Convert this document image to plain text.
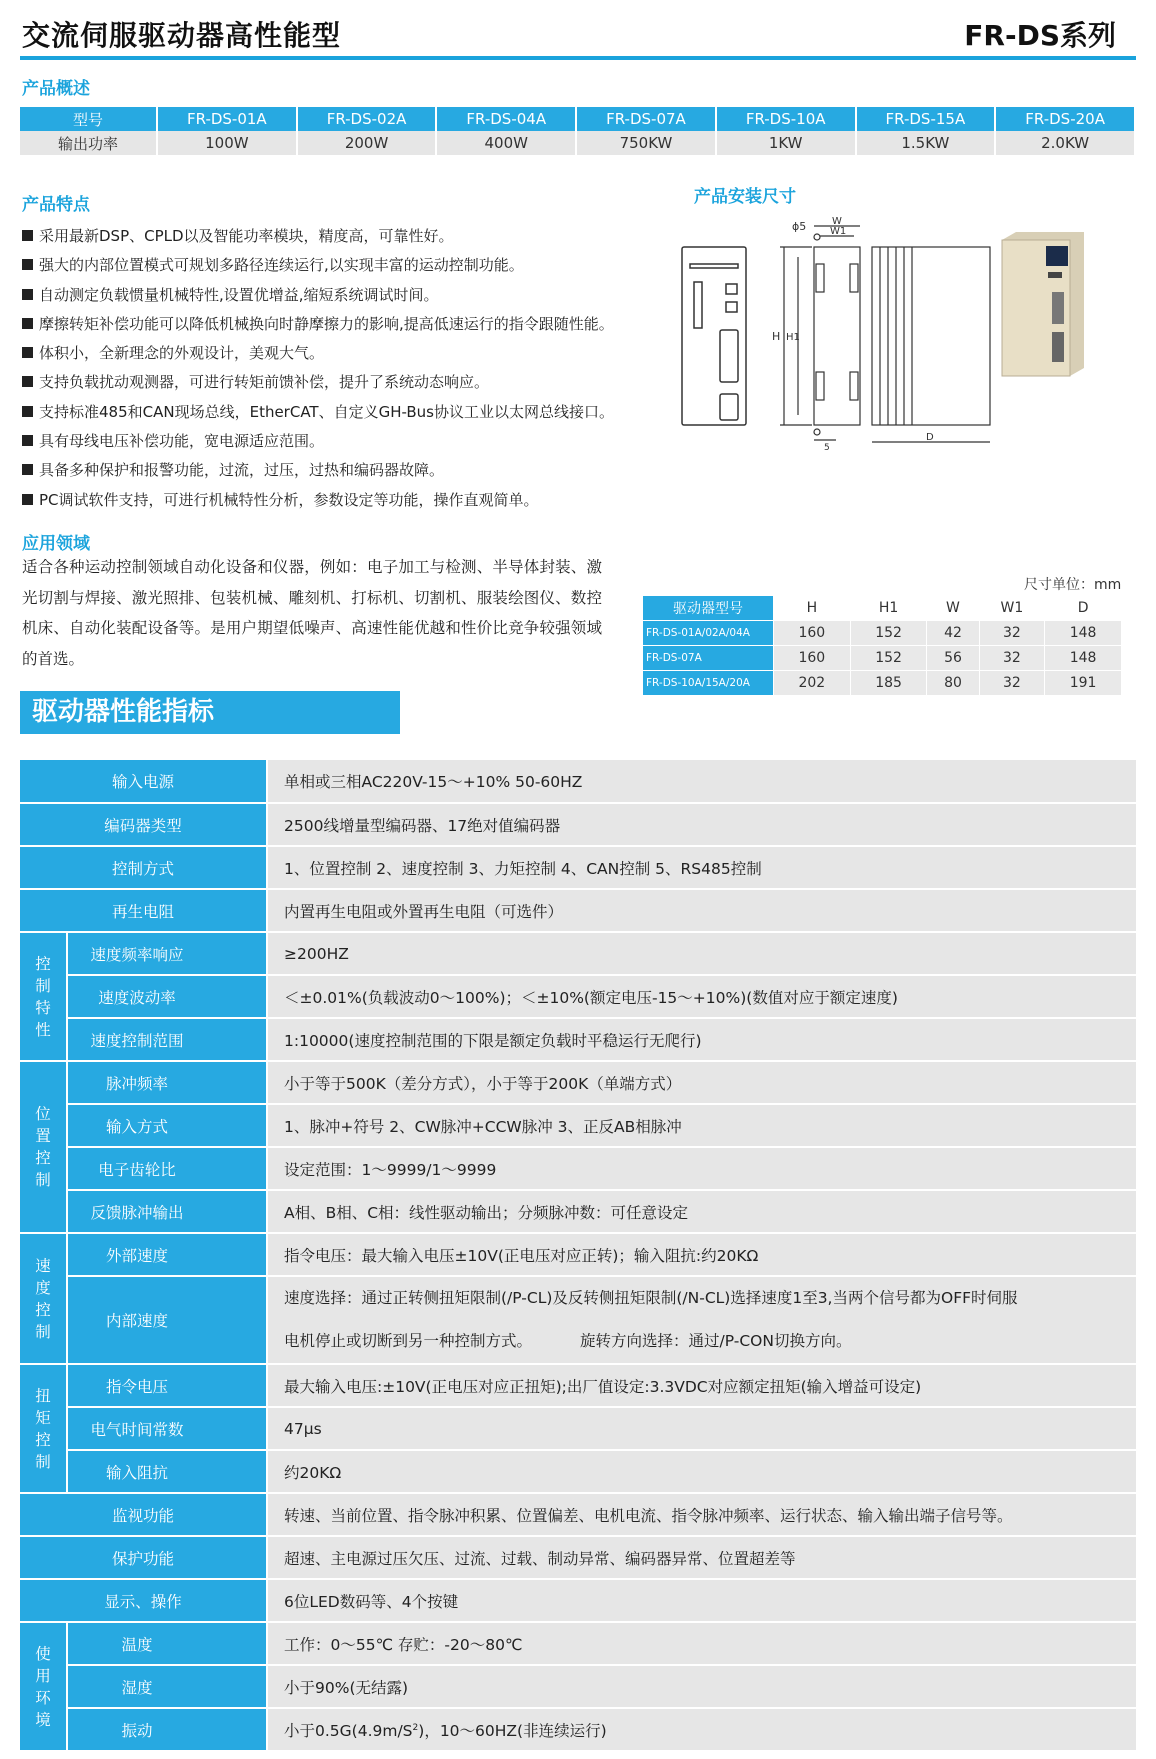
交流伺服驱动器高性能型	FR-DS系列
产品概述
型号	FR-DS-01A	FR-DS-02A	FR-DS-04A	FR-DS-07A	FR-DS-10A	FR-DS-15A	FR-DS-20A
输出功率	100W	200W	400W	750KW	1KW	1.5KW	2.0KW
产品特点
采用最新DSP、CPLD以及智能功率模块，精度高，可靠性好。
强大的内部位置模式可规划多路径连续运行,以实现丰富的运动控制功能。
自动测定负载惯量机械特性,设置优增益,缩短系统调试时间。
摩擦转矩补偿功能可以降低机械换向时静摩擦力的影响,提高低速运行的指令跟随性能。
体积小，全新理念的外观设计，美观大气。
支持负载扰动观测器，可进行转矩前馈补偿，提升了系统动态响应。
支持标准485和CAN现场总线，EtherCAT、自定义GH-Bus协议工业以太网总线接口。
具有母线电压补偿功能，宽电源适应范围。
具备多种保护和报警功能，过流，过压，过热和编码器故障。
PC调试软件支持，可进行机械特性分析，参数设定等功能，操作直观简单。
应用领域
适合各种运动控制领域自动化设备和仪器，例如：电子加工与检测、半导体封装、激光切割与焊接、激光照排、包装机械、雕刻机、打标机、切割机、服装绘图仪、数控机床、自动化装配设备等。是用户期望低噪声、高速性能优越和性价比竞争较强领域的首选。
产品安装尺寸
ϕ5	W
W1
H H1
5
D
尺寸单位：mm
驱动器型号	H	H1	W	W1	D
FR-DS-01A/02A/04A	160	152	42	32	148
FR-DS-07A	160	152	56	32	148
FR-DS-10A/15A/20A	202	185	80	32	191
驱动器性能指标
输入电源		单相或三相AC220V-15～+10% 50-60HZ
编码器类型		2500线增量型编码器、17绝对值编码器
控制方式		1、位置控制 2、速度控制 3、力矩控制 4、CAN控制 5、RS485控制
再生电阻		内置再生电阻或外置再生电阻（可选件）
控制特性	速度频率响应	≥200HZ
	速度波动率	＜±0.01%(负载波动0～100%)；＜±10%(额定电压-15～+10%)(数值对应于额定速度)
	速度控制范围	1:10000(速度控制范围的下限是额定负载时平稳运行无爬行)
位置控制	脉冲频率	小于等于500K（差分方式），小于等于200K（单端方式）
	输入方式	1、脉冲+符号 2、CW脉冲+CCW脉冲 3、正反AB相脉冲
	电子齿轮比	设定范围：1～9999/1～9999
	反馈脉冲输出	A相、B相、C相：线性驱动输出；分频脉冲数：可任意设定
速度控制	外部速度	指令电压：最大输入电压±10V(正电压对应正转)；输入阻抗:约20KΩ
	内部速度	速度选择：通过正转侧扭矩限制(/P-CL)及反转侧扭矩限制(/N-CL)选择速度1至3,当两个信号都为OFF时伺服
电机停止或切断到另一种控制方式。 旋转方向选择：通过/P-CON切换方向。

扭矩控制	指令电压	最大输入电压:±10V(正电压对应正扭矩);出厂值设定:3.3VDC对应额定扭矩(输入增益可设定)
	电气时间常数	47μs
	输入阻抗	约20KΩ
监视功能		转速、当前位置、指令脉冲积累、位置偏差、电机电流、指令脉冲频率、运行状态、输入输出端子信号等。
保护功能		超速、主电源过压欠压、过流、过载、制动异常、编码器异常、位置超差等
显示、操作		6位LED数码等、4个按键
使用环境	温度	工作：0～55℃ 存贮：-20～80℃
	湿度	小于90%(无结露)
	振动	小于$0.5G(4.9m/S^2)$，10～60HZ(非连续运行)
